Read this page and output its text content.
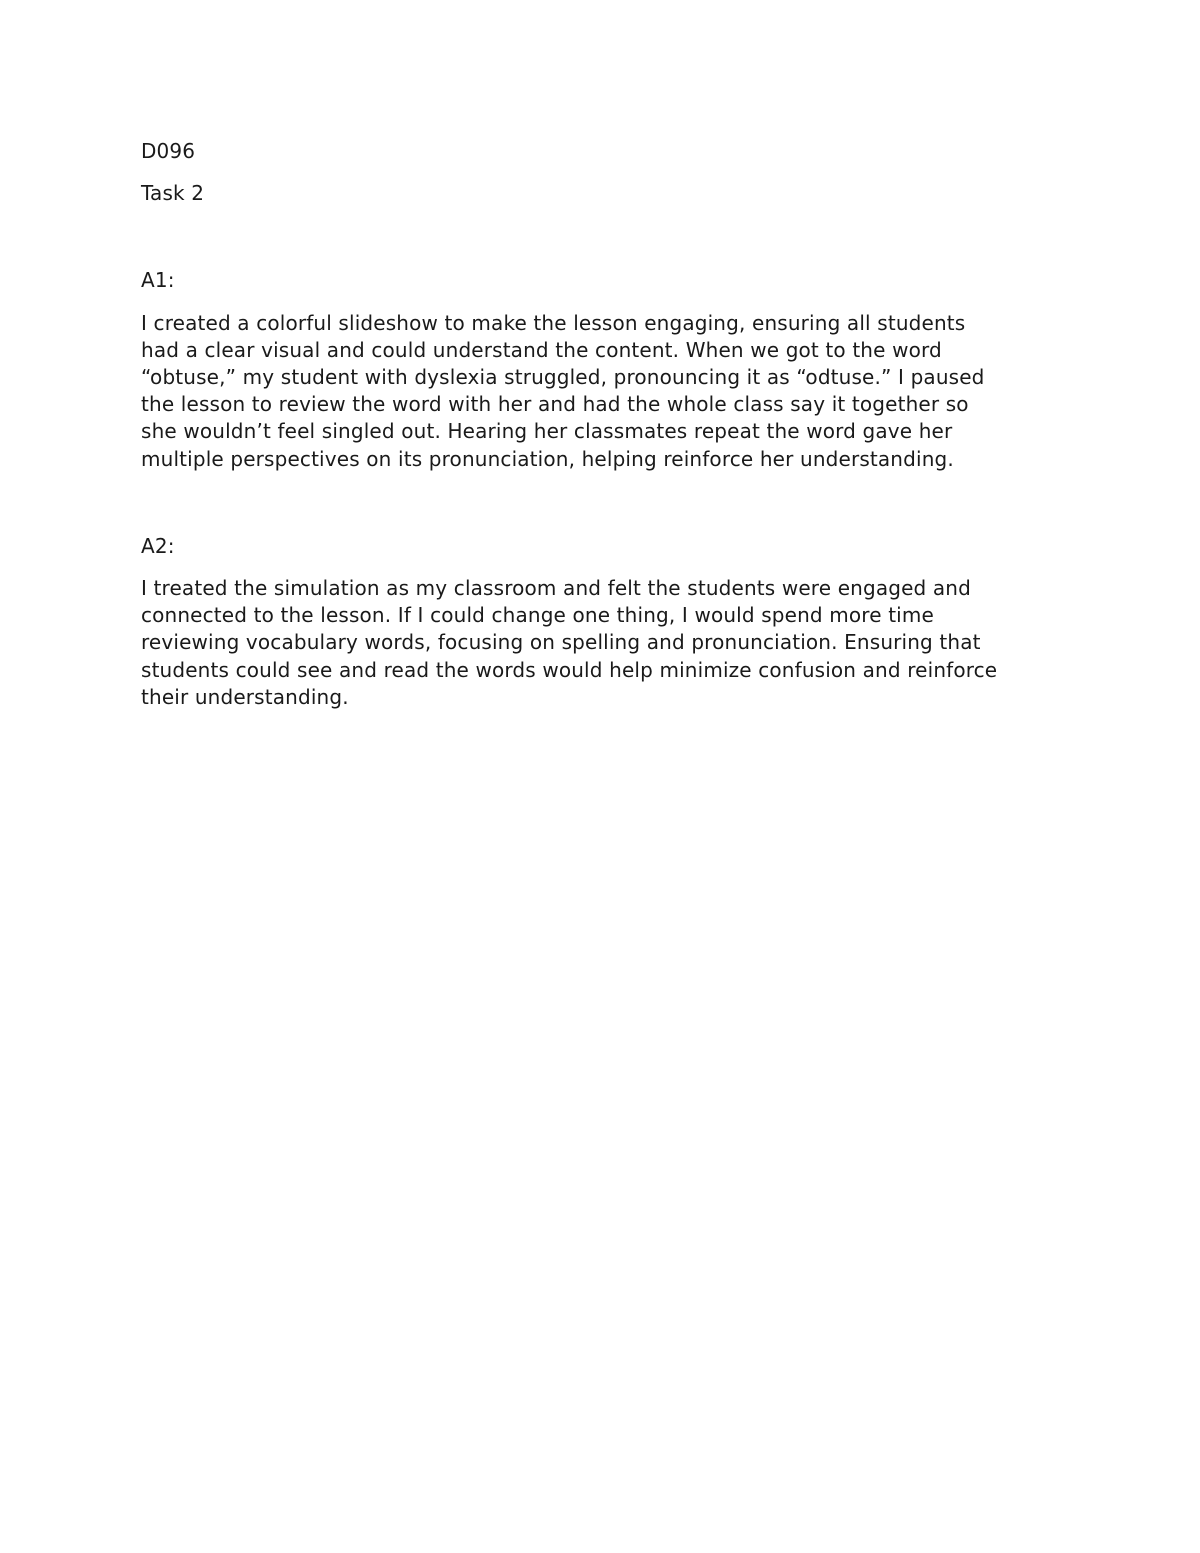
D096

Task 2

A1:

I created a colorful slideshow to make the lesson engaging, ensuring all students

had a clear visual and could understand the content. When we got to the word

“obtuse,” my student with dyslexia struggled, pronouncing it as “odtuse.” I paused

the lesson to review the word with her and had the whole class say it together so

she wouldn’t feel singled out. Hearing her classmates repeat the word gave her

multiple perspectives on its pronunciation, helping reinforce her understanding.

A2:

I treated the simulation as my classroom and felt the students were engaged and

connected to the lesson. If I could change one thing, I would spend more time

reviewing vocabulary words, focusing on spelling and pronunciation. Ensuring that

students could see and read the words would help minimize confusion and reinforce

their understanding.
